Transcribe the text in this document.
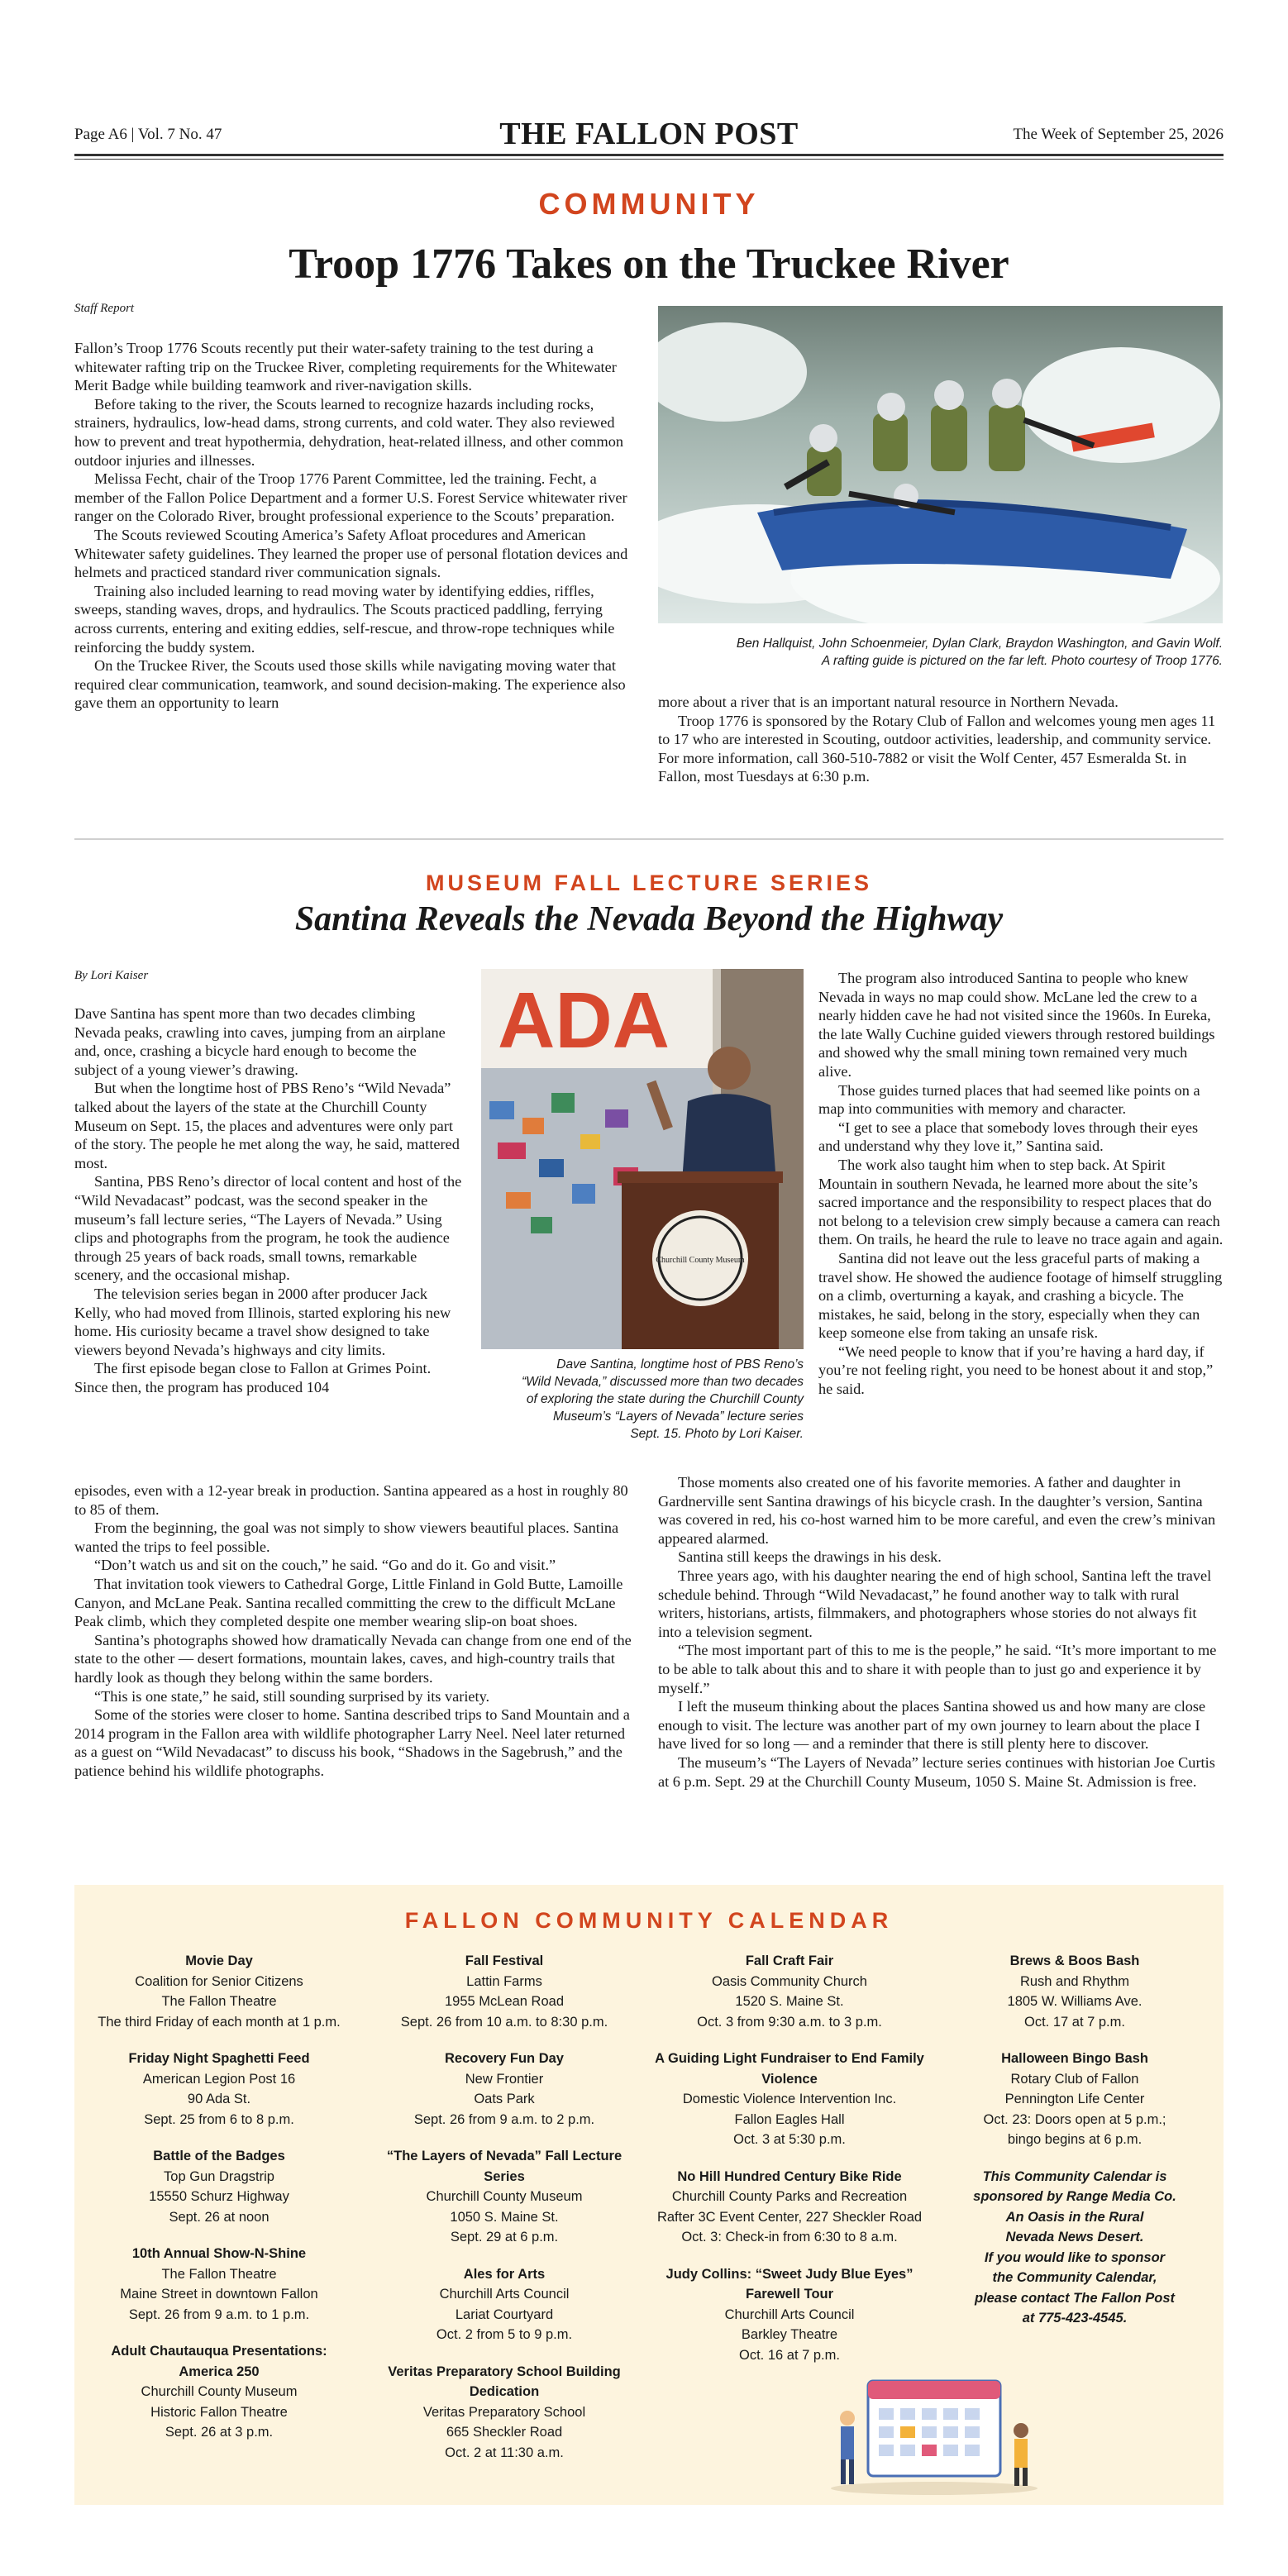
Page A6 | Vol. 7 No. 47	THE FALLON POST	The Week of September 25, 2026
COMMUNITY
Troop 1776 Takes on the Truckee River
Staff Report

Fallon’s Troop 1776 Scouts recently put their water-safety training to the test during a whitewater rafting trip on the Truckee River, completing requirements for the Whitewater Merit Badge while building teamwork and river-navigation skills.

Before taking to the river, the Scouts learned to recognize hazards including rocks, strainers, hydraulics, low-head dams, strong currents, and cold water. They also reviewed how to prevent and treat hypothermia, dehydration, heat-related illness, and other common outdoor injuries and illnesses.

Melissa Fecht, chair of the Troop 1776 Parent Committee, led the training. Fecht, a member of the Fallon Police Department and a former U.S. Forest Service whitewater river ranger on the Colorado River, brought professional experience to the Scouts’ preparation.

The Scouts reviewed Scouting America’s Safety Afloat procedures and American Whitewater safety guidelines. They learned the proper use of personal flotation devices and helmets and practiced standard river communication signals.

Training also included learning to read moving water by identifying eddies, riffles, sweeps, standing waves, drops, and hydraulics. The Scouts practiced paddling, ferrying across currents, entering and exiting eddies, self-rescue, and throw-rope techniques while reinforcing the buddy system.

On the Truckee River, the Scouts used those skills while navigating moving water that required clear communication, teamwork, and sound decision-making. The experience also gave them an opportunity to learn

Ben Hallquist, John Schoenmeier, Dylan Clark, Braydon Washington, and Gavin Wolf.
A rafting guide is pictured on the far left. Photo courtesy of Troop 1776.

more about a river that is an important natural resource in Northern Nevada.

Troop 1776 is sponsored by the Rotary Club of Fallon and welcomes young men ages 11 to 17 who are interested in Scouting, outdoor activities, leadership, and community service. For more information, call 360-510-7882 or visit the Wolf Center, 457 Esmeralda St. in Fallon, most Tuesdays at 6:30 p.m.

MUSEUM FALL LECTURE SERIES
Santina Reveals the Nevada Beyond the Highway
By Lori Kaiser

Dave Santina has spent more than two decades climbing Nevada peaks, crawling into caves, jumping from an airplane and, once, crashing a bicycle hard enough to become the subject of a young viewer’s drawing.

But when the longtime host of PBS Reno’s “Wild Nevada” talked about the layers of the state at the Churchill County Museum on Sept. 15, the places and adventures were only part of the story. The people he met along the way, he said, mattered most.

Santina, PBS Reno’s director of local content and host of the “Wild Nevadacast” podcast, was the second speaker in the museum’s fall lecture series, “The Layers of Nevada.” Using clips and photographs from the program, he took the audience through 25 years of back roads, small towns, remarkable scenery, and the occasional mishap.

The television series began in 2000 after producer Jack Kelly, who had moved from Illinois, started exploring his new home. His curiosity became a travel show designed to take viewers beyond Nevada’s highways and city limits.

The first episode began close to Fallon at Grimes Point. Since then, the program has produced 104

episodes, even with a 12-year break in production. Santina appeared as a host in roughly 80 to 85 of them.

From the beginning, the goal was not simply to show viewers beautiful places. Santina wanted the trips to feel possible.

“Don’t watch us and sit on the couch,” he said. “Go and do it. Go and visit.”

That invitation took viewers to Cathedral Gorge, Little Finland in Gold Butte, Lamoille Canyon, and McLane Peak. Santina recalled committing the crew to the difficult McLane Peak climb, which they completed despite one member wearing slip-on boat shoes.

Santina’s photographs showed how dramatically Nevada can change from one end of the state to the other — desert formations, mountain lakes, caves, and high-country trails that hardly look as though they belong within the same borders.

“This is one state,” he said, still sounding surprised by its variety.

Some of the stories were closer to home. Santina described trips to Sand Mountain and a 2014 program in the Fallon area with wildlife photographer Larry Neel. Neel later returned as a guest on “Wild Nevadacast” to discuss his book, “Shadows in the Sagebrush,” and the patience behind his wildlife photographs.

ADA
Churchill County Museum
Dave Santina, longtime host of PBS Reno’s
“Wild Nevada,” discussed more than two decades
of exploring the state during the Churchill County
Museum’s “Layers of Nevada” lecture series
Sept. 15. Photo by Lori Kaiser.

The program also introduced Santina to people who knew Nevada in ways no map could show. McLane led the crew to a nearly hidden cave he had not visited since the 1960s. In Eureka, the late Wally Cuchine guided viewers through restored buildings and showed why the small mining town remained very much alive.

Those guides turned places that had seemed like points on a map into communities with memory and character.

“I get to see a place that somebody loves through their eyes and understand why they love it,” Santina said.

The work also taught him when to step back. At Spirit Mountain in southern Nevada, he learned more about the site’s sacred importance and the responsibility to respect places that do not belong to a television crew simply because a camera can reach them. On trails, he heard the rule to leave no trace again and again.

Santina did not leave out the less graceful parts of making a travel show. He showed the audience footage of himself struggling on a climb, overturning a kayak, and crashing a bicycle. The mistakes, he said, belong in the story, especially when they can keep someone else from taking an unsafe risk.

“We need people to know that if you’re having a hard day, if you’re not feeling right, you need to be honest about it and stop,” he said.

Those moments also created one of his favorite memories. A father and daughter in Gardnerville sent Santina drawings of his bicycle crash. In the daughter’s version, Santina was covered in red, his co-host warned him to be more careful, and even the crew’s minivan appeared alarmed.

Santina still keeps the drawings in his desk.

Three years ago, with his daughter nearing the end of high school, Santina left the travel schedule behind. Through “Wild Nevadacast,” he found another way to talk with rural writers, historians, artists, filmmakers, and photographers whose stories do not always fit into a television segment.

“The most important part of this to me is the people,” he said. “It’s more important to me to be able to talk about this and to share it with people than to just go and experience it by myself.”

I left the museum thinking about the places Santina showed us and how many are close enough to visit. The lecture was another part of my own journey to learn about the place I have lived for so long — and a reminder that there is still plenty here to discover.

The museum’s “The Layers of Nevada” lecture series continues with historian Joe Curtis at 6 p.m. Sept. 29 at the Churchill County Museum, 1050 S. Maine St. Admission is free.

FALLON COMMUNITY CALENDAR
Movie Day
Coalition for Senior Citizens
The Fallon Theatre
The third Friday of each month at 1 p.m.
Friday Night Spaghetti Feed
American Legion Post 16
90 Ada St.
Sept. 25 from 6 to 8 p.m.
Battle of the Badges
Top Gun Dragstrip
15550 Schurz Highway
Sept. 26 at noon
10th Annual Show-N-Shine
The Fallon Theatre
Maine Street in downtown Fallon
Sept. 26 from 9 a.m. to 1 p.m.
Adult Chautauqua Presentations: America 250
Churchill County Museum
Historic Fallon Theatre
Sept. 26 at 3 p.m.
Fall Festival
Lattin Farms
1955 McLean Road
Sept. 26 from 10 a.m. to 8:30 p.m.
Recovery Fun Day
New Frontier
Oats Park
Sept. 26 from 9 a.m. to 2 p.m.
“The Layers of Nevada” Fall Lecture Series
Churchill County Museum
1050 S. Maine St.
Sept. 29 at 6 p.m.
Ales for Arts
Churchill Arts Council
Lariat Courtyard
Oct. 2 from 5 to 9 p.m.
Veritas Preparatory School Building Dedication
Veritas Preparatory School
665 Sheckler Road
Oct. 2 at 11:30 a.m.
Fall Craft Fair
Oasis Community Church
1520 S. Maine St.
Oct. 3 from 9:30 a.m. to 3 p.m.
A Guiding Light Fundraiser to End Family Violence
Domestic Violence Intervention Inc.
Fallon Eagles Hall
Oct. 3 at 5:30 p.m.
No Hill Hundred Century Bike Ride
Churchill County Parks and Recreation
Rafter 3C Event Center, 227 Sheckler Road
Oct. 3: Check-in from 6:30 to 8 a.m.
Judy Collins: “Sweet Judy Blue Eyes” Farewell Tour
Churchill Arts Council
Barkley Theatre
Oct. 16 at 7 p.m.
Brews & Boos Bash
Rush and Rhythm
1805 W. Williams Ave.
Oct. 17 at 7 p.m.
Halloween Bingo Bash
Rotary Club of Fallon
Pennington Life Center
Oct. 23: Doors open at 5 p.m.;
bingo begins at 6 p.m.
This Community Calendar is
sponsored by Range Media Co.
An Oasis in the Rural
Nevada News Desert.
If you would like to sponsor
the Community Calendar,
please contact The Fallon Post
at 775-423-4545.
